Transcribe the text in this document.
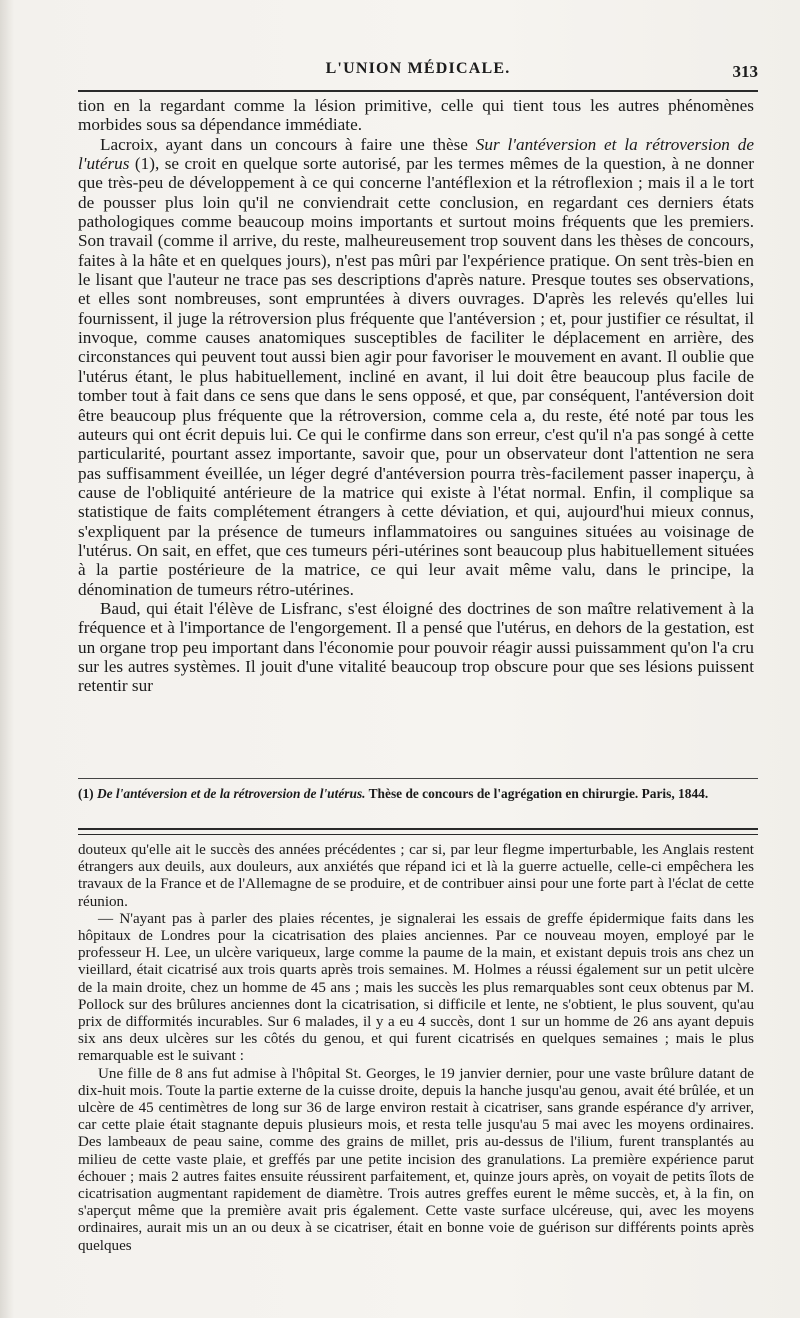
L'UNION MÉDICALE.	313

tion en la regardant comme la lésion primitive, celle qui tient tous les autres phénomènes morbides sous sa dépendance immédiate.

Lacroix, ayant dans un concours à faire une thèse Sur l'antéversion et la rétroversion de l'utérus (1), se croit en quelque sorte autorisé, par les termes mêmes de la question, à ne donner que très-peu de développement à ce qui concerne l'antéflexion et la rétroflexion ; mais il a le tort de pousser plus loin qu'il ne conviendrait cette conclusion, en regardant ces derniers états pathologiques comme beaucoup moins importants et surtout moins fréquents que les premiers. Son travail (comme il arrive, du reste, malheureusement trop souvent dans les thèses de concours, faites à la hâte et en quelques jours), n'est pas mûri par l'expérience pratique. On sent très-bien en le lisant que l'auteur ne trace pas ses descriptions d'après nature. Presque toutes ses observations, et elles sont nombreuses, sont empruntées à divers ouvrages. D'après les relevés qu'elles lui fournissent, il juge la rétroversion plus fréquente que l'antéversion ; et, pour justifier ce résultat, il invoque, comme causes anatomiques susceptibles de faciliter le déplacement en arrière, des circonstances qui peuvent tout aussi bien agir pour favoriser le mouvement en avant. Il oublie que l'utérus étant, le plus habituellement, incliné en avant, il lui doit être beaucoup plus facile de tomber tout à fait dans ce sens que dans le sens opposé, et que, par conséquent, l'antéversion doit être beaucoup plus fréquente que la rétroversion, comme cela a, du reste, été noté par tous les auteurs qui ont écrit depuis lui. Ce qui le confirme dans son erreur, c'est qu'il n'a pas songé à cette particularité, pourtant assez importante, savoir que, pour un observateur dont l'attention ne sera pas suffisamment éveillée, un léger degré d'antéversion pourra très-facilement passer inaperçu, à cause de l'obliquité antérieure de la matrice qui existe à l'état normal. Enfin, il complique sa statistique de faits complétement étrangers à cette déviation, et qui, aujourd'hui mieux connus, s'expliquent par la présence de tumeurs inflammatoires ou sanguines situées au voisinage de l'utérus. On sait, en effet, que ces tumeurs péri-utérines sont beaucoup plus habituellement situées à la partie postérieure de la matrice, ce qui leur avait même valu, dans le principe, la dénomination de tumeurs rétro-utérines.

Baud, qui était l'élève de Lisfranc, s'est éloigné des doctrines de son maître relativement à la fréquence et à l'importance de l'engorgement. Il a pensé que l'utérus, en dehors de la gestation, est un organe trop peu important dans l'économie pour pouvoir réagir aussi puissamment qu'on l'a cru sur les autres systèmes. Il jouit d'une vitalité beaucoup trop obscure pour que ses lésions puissent retentir sur

(1) De l'antéversion et de la rétroversion de l'utérus. Thèse de concours de l'agrégation en chirurgie. Paris, 1844.

douteux qu'elle ait le succès des années précédentes ; car si, par leur flegme imperturbable, les Anglais restent étrangers aux deuils, aux douleurs, aux anxiétés que répand ici et là la guerre actuelle, celle-ci empêchera les travaux de la France et de l'Allemagne de se produire, et de contribuer ainsi pour une forte part à l'éclat de cette réunion.

— N'ayant pas à parler des plaies récentes, je signalerai les essais de greffe épidermique faits dans les hôpitaux de Londres pour la cicatrisation des plaies anciennes. Par ce nouveau moyen, employé par le professeur H. Lee, un ulcère variqueux, large comme la paume de la main, et existant depuis trois ans chez un vieillard, était cicatrisé aux trois quarts après trois semaines. M. Holmes a réussi également sur un petit ulcère de la main droite, chez un homme de 45 ans ; mais les succès les plus remarquables sont ceux obtenus par M. Pollock sur des brûlures anciennes dont la cicatrisation, si difficile et lente, ne s'obtient, le plus souvent, qu'au prix de difformités incurables. Sur 6 malades, il y a eu 4 succès, dont 1 sur un homme de 26 ans ayant depuis six ans deux ulcères sur les côtés du genou, et qui furent cicatrisés en quelques semaines ; mais le plus remarquable est le suivant :

Une fille de 8 ans fut admise à l'hôpital St. Georges, le 19 janvier dernier, pour une vaste brûlure datant de dix-huit mois. Toute la partie externe de la cuisse droite, depuis la hanche jusqu'au genou, avait été brûlée, et un ulcère de 45 centimètres de long sur 36 de large environ restait à cicatriser, sans grande espérance d'y arriver, car cette plaie était stagnante depuis plusieurs mois, et resta telle jusqu'au 5 mai avec les moyens ordinaires. Des lambeaux de peau saine, comme des grains de millet, pris au-dessus de l'ilium, furent transplantés au milieu de cette vaste plaie, et greffés par une petite incision des granulations. La première expérience parut échouer ; mais 2 autres faites ensuite réussirent parfaitement, et, quinze jours après, on voyait de petits îlots de cicatrisation augmentant rapidement de diamètre. Trois autres greffes eurent le même succès, et, à la fin, on s'aperçut même que la première avait pris également. Cette vaste surface ulcéreuse, qui, avec les moyens ordinaires, aurait mis un an ou deux à se cicatriser, était en bonne voie de guérison sur différents points après quelques
